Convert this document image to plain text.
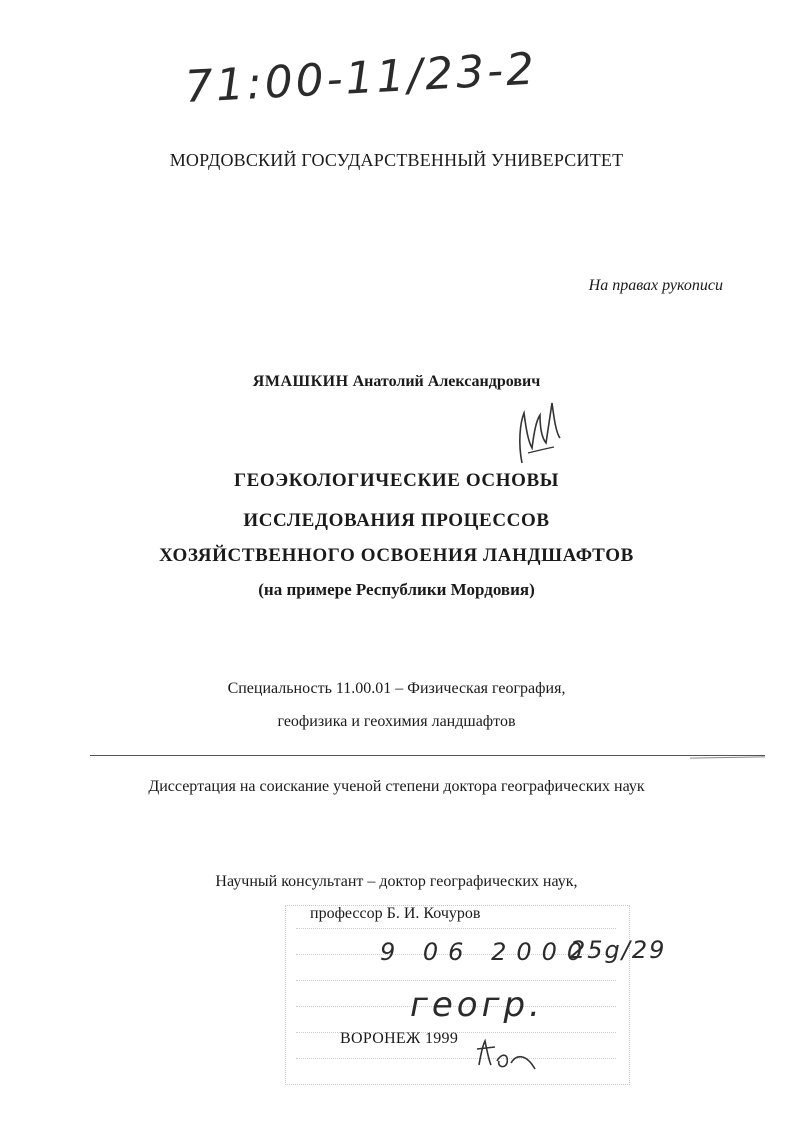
71:00-11/23-2
МОРДОВСКИЙ ГОСУДАРСТВЕННЫЙ УНИВЕРСИТЕТ
На правах рукописи
ЯМАШКИН Анатолий Александрович
ГЕОЭКОЛОГИЧЕСКИЕ ОСНОВЫ
ИССЛЕДОВАНИЯ ПРОЦЕССОВ
ХОЗЯЙСТВЕННОГО ОСВОЕНИЯ ЛАНДШАФТОВ
(на примере Республики Мордовия)
Специальность 11.00.01 – Физическая география,
геофизика и геохимия ландшафтов
Диссертация на соискание ученой степени доктора географических наук
Научный консультант – доктор географических наук,
профессор Б. И. Кочуров
9 06 2000
25g/29
геогр.
ВОРОНЕЖ 1999
